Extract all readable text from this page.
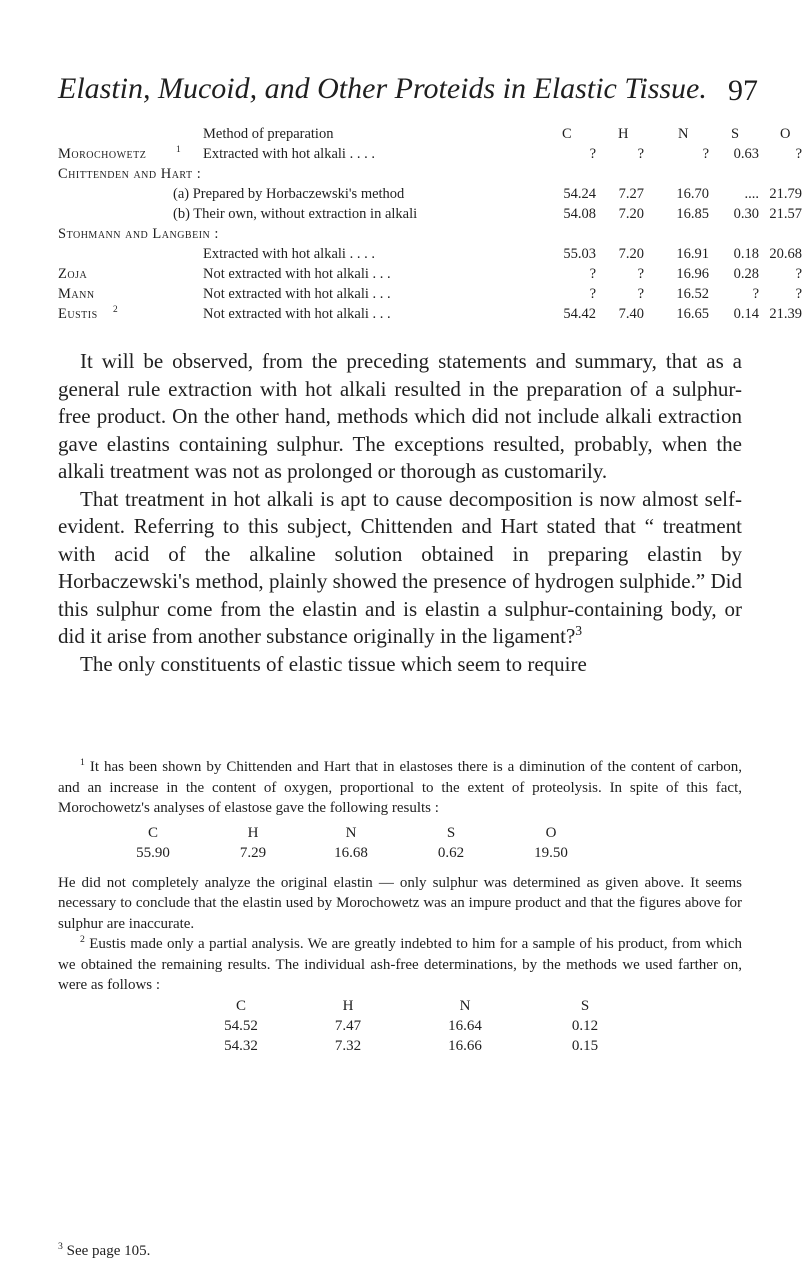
Elastin, Mucoid, and Other Proteids in Elastic Tissue. 97
Method of preparation	C	H	N	S	O
Morochowetz	1 Extracted with hot alkali . . . .	?	?	? 0.63	?
Chittenden and Hart :
(a) Prepared by Horbaczewski's method	54.24 7.27 16.70 .... 21.79
(b) Their own, without extraction in alkali	54.08 7.20 16.85 0.30 21.57
Stohmann and Langbein :
Extracted with hot alkali . . . .	55.03 7.20 16.91 0.18 20.68
Zoja	Not extracted with hot alkali . . .	?	? 16.96 0.28	?
Mann	Not extracted with hot alkali . . .	?	? 16.52	?	?
Eustis 2	Not extracted with hot alkali . . .	54.42 7.40 16.65 0.14 21.39

It will be observed, from the preceding statements and summary, that as a general rule extraction with hot alkali resulted in the preparation of a sulphur-free product. On the other hand, methods which did not include alkali extraction gave elastins containing sulphur. The exceptions resulted, probably, when the alkali treatment was not as prolonged or thorough as customarily.

That treatment in hot alkali is apt to cause decomposition is now almost self-evident. Referring to this subject, Chittenden and Hart stated that “ treatment with acid of the alkaline solution obtained in preparing elastin by Horbaczewski's method, plainly showed the presence of hydrogen sulphide.” Did this sulphur come from the elastin and is elastin a sulphur-containing body, or did it arise from another substance originally in the ligament?$^3$

The only constituents of elastic tissue which seem to require

$^1$ It has been shown by Chittenden and Hart that in elastoses there is a diminution of the content of carbon, and an increase in the content of oxygen, proportional to the extent of proteolysis. In spite of this fact, Morochowetz's analyses of elastose gave the following results :

C	H	N	S	O
55.90	7.29	16.68	0.62	19.50

He did not completely analyze the original elastin — only sulphur was determined as given above. It seems necessary to conclude that the elastin used by Morochowetz was an impure product and that the figures above for sulphur are inaccurate.

$^2$ Eustis made only a partial analysis. We are greatly indebted to him for a sample of his product, from which we obtained the remaining results. The individual ash-free determinations, by the methods we used farther on, were as follows :

C	H	N	S
54.52	7.47	16.64	0.12
54.32	7.32	16.66	0.15
$^3$ See page 105.
